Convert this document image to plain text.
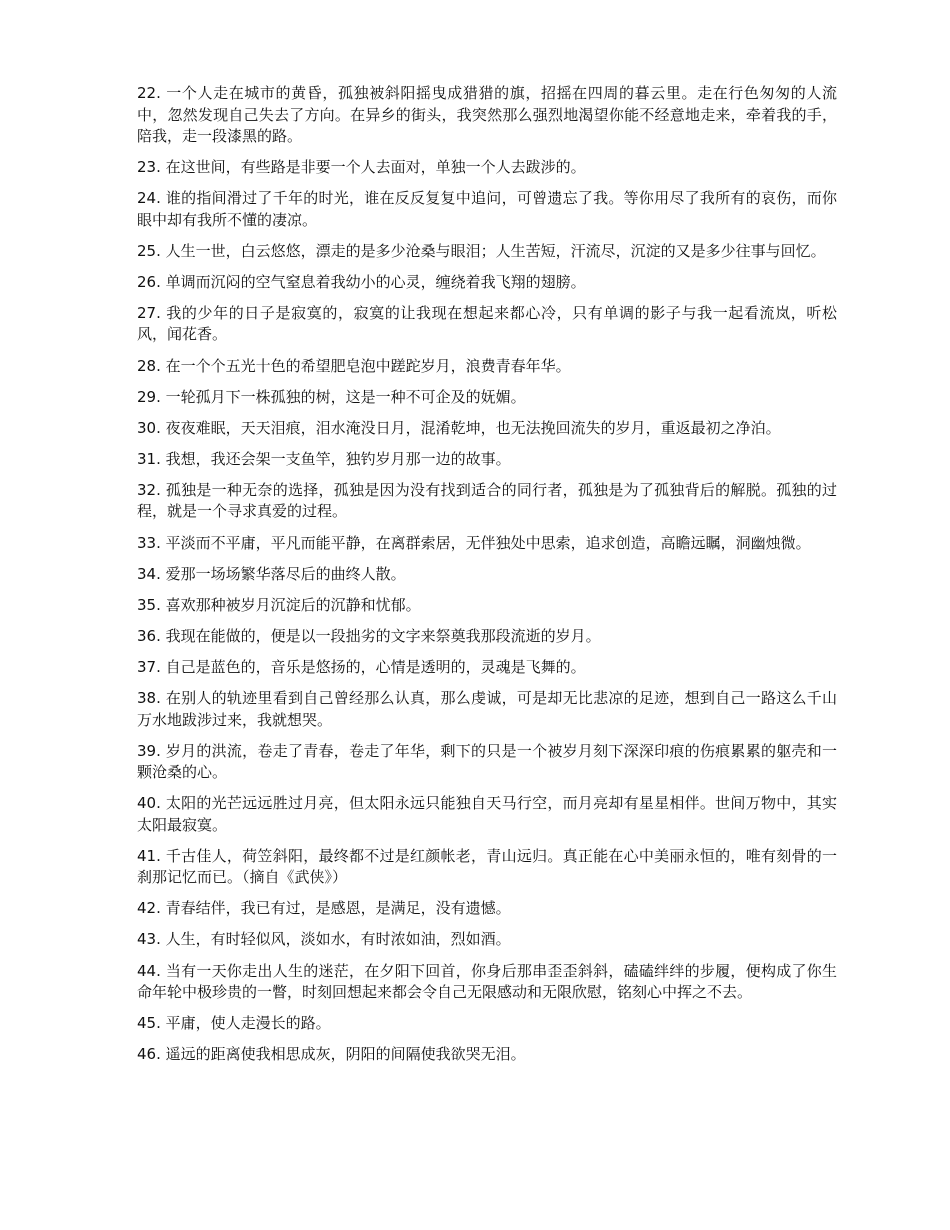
22. 一个人走在城市的黄昏，孤独被斜阳摇曳成猎猎的旗，招摇在四周的暮云里。走在行色匆匆的人流中，忽然发现自己失去了方向。在异乡的街头，我突然那么强烈地渴望你能不经意地走来，牵着我的手，陪我，走一段漆黑的路。

23. 在这世间，有些路是非要一个人去面对，单独一个人去跋涉的。

24. 谁的指间滑过了千年的时光，谁在反反复复中追问，可曾遗忘了我。等你用尽了我所有的哀伤，而你眼中却有我所不懂的凄凉。

25. 人生一世，白云悠悠，漂走的是多少沧桑与眼泪；人生苦短，汗流尽，沉淀的又是多少往事与回忆。

26. 单调而沉闷的空气窒息着我幼小的心灵，缠绕着我飞翔的翅膀。

27. 我的少年的日子是寂寞的，寂寞的让我现在想起来都心冷，只有单调的影子与我一起看流岚，听松风，闻花香。

28. 在一个个五光十色的希望肥皂泡中蹉跎岁月，浪费青春年华。

29. 一轮孤月下一株孤独的树，这是一种不可企及的妩媚。

30. 夜夜难眠，天天泪痕，泪水淹没日月，混淆乾坤，也无法挽回流失的岁月，重返最初之净泊。

31. 我想，我还会架一支鱼竿，独钓岁月那一边的故事。

32. 孤独是一种无奈的选择，孤独是因为没有找到适合的同行者，孤独是为了孤独背后的解脱。孤独的过程，就是一个寻求真爱的过程。

33. 平淡而不平庸，平凡而能平静，在离群索居，无伴独处中思索，追求创造，高瞻远瞩，洞幽烛微。

34. 爱那一场场繁华落尽后的曲终人散。

35. 喜欢那种被岁月沉淀后的沉静和忧郁。

36. 我现在能做的，便是以一段拙劣的文字来祭奠我那段流逝的岁月。

37. 自己是蓝色的，音乐是悠扬的，心情是透明的，灵魂是飞舞的。

38. 在别人的轨迹里看到自己曾经那么认真，那么虔诚，可是却无比悲凉的足迹，想到自己一路这么千山万水地跋涉过来，我就想哭。

39. 岁月的洪流，卷走了青春，卷走了年华，剩下的只是一个被岁月刻下深深印痕的伤痕累累的躯壳和一颗沧桑的心。

40. 太阳的光芒远远胜过月亮，但太阳永远只能独自天马行空，而月亮却有星星相伴。世间万物中，其实太阳最寂寞。

41. 千古佳人，荷笠斜阳，最终都不过是红颜帐老，青山远归。真正能在心中美丽永恒的，唯有刻骨的一刹那记忆而已。（摘自《武侠》）

42. 青春结伴，我已有过，是感恩，是满足，没有遗憾。

43. 人生，有时轻似风，淡如水，有时浓如油，烈如酒。

44. 当有一天你走出人生的迷茫，在夕阳下回首，你身后那串歪歪斜斜，磕磕绊绊的步履，便构成了你生命年轮中极珍贵的一瞥，时刻回想起来都会令自己无限感动和无限欣慰，铭刻心中挥之不去。

45. 平庸，使人走漫长的路。

46. 遥远的距离使我相思成灰，阴阳的间隔使我欲哭无泪。
